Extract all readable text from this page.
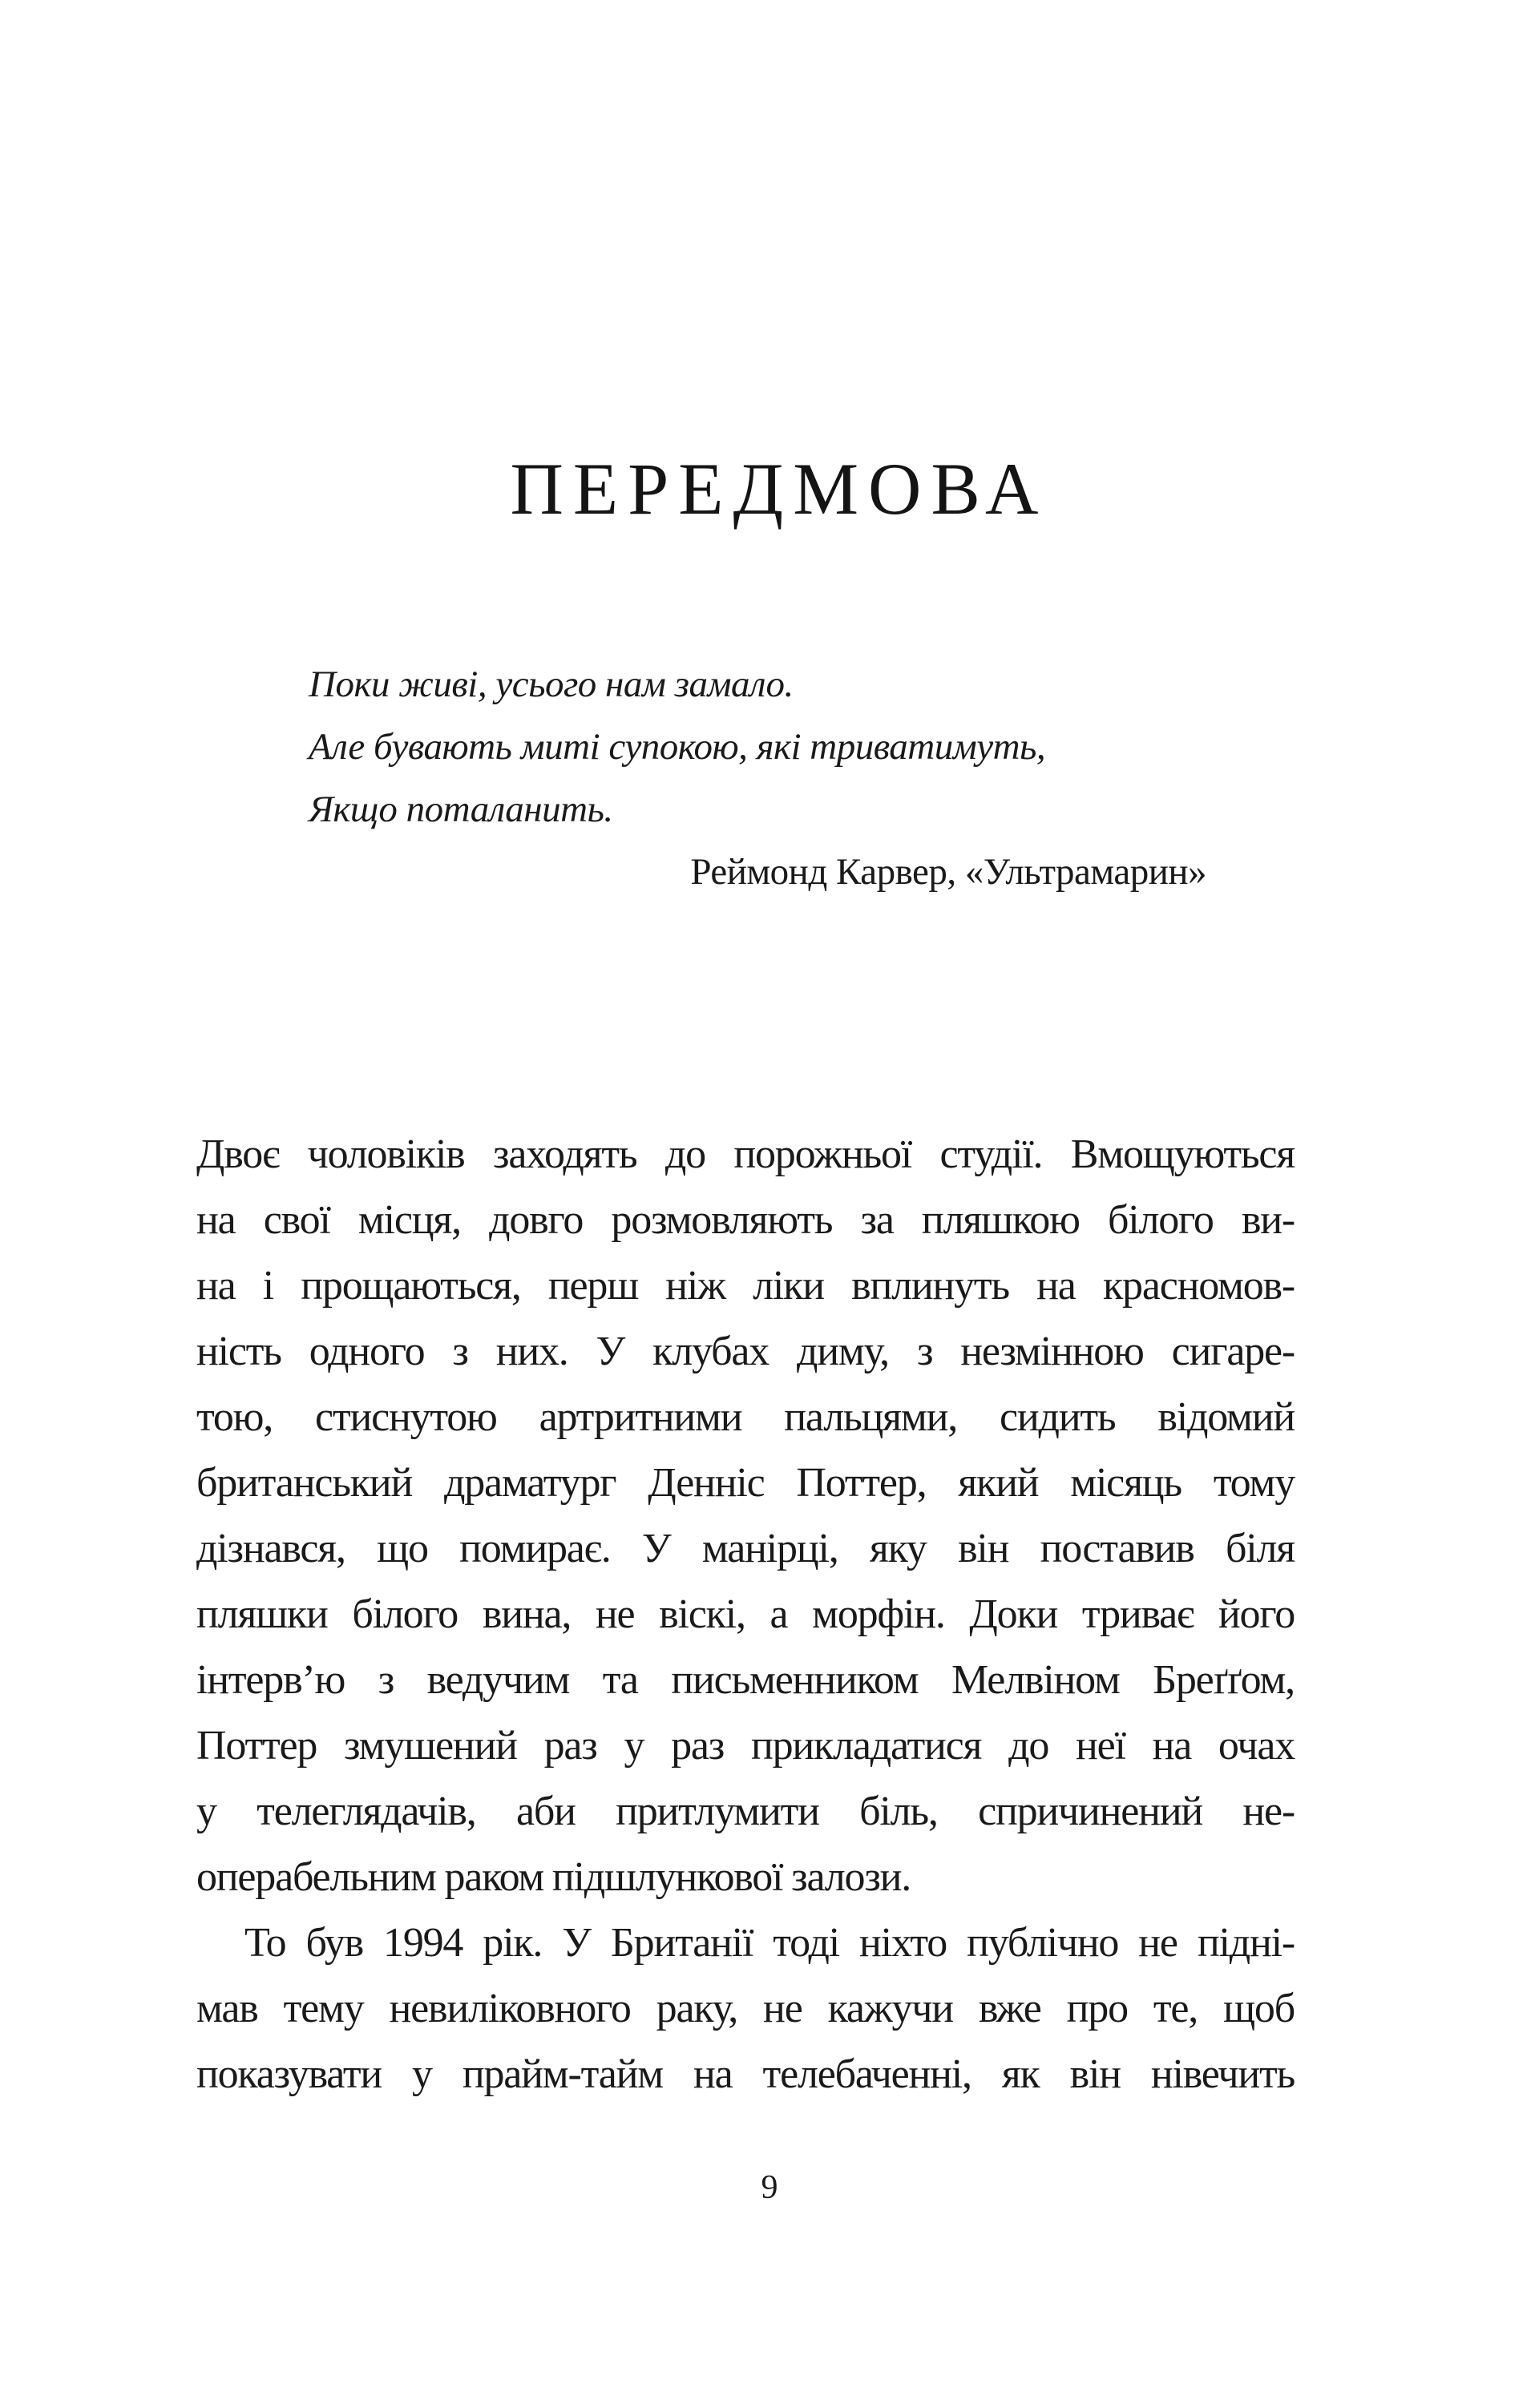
ПЕРЕДМОВА
Поки живі, усього нам замало.
Але бувають миті супокою, які триватимуть,
Якщо поталанить.
Реймонд Карвер, «Ультрамарин»
Двоє чоловіків заходять до порожньої студії. Вмощуються
на свої місця, довго розмовляють за пляшкою білого ви-
на і прощаються, перш ніж ліки вплинуть на красномов-
ність одного з них. У клубах диму, з незмінною сигаре-
тою, стиснутою артритними пальцями, сидить відомий
британський драматург Денніс Поттер, який місяць тому
дізнався, що помирає. У манірці, яку він поставив біля
пляшки білого вина, не віскі, а морфін. Доки триває його
інтерв’ю з ведучим та письменником Мелвіном Бреґґом,
Поттер змушений раз у раз прикладатися до неї на очах
у телеглядачів, аби притлумити біль, спричинений не-
операбельним раком підшлункової залози.
То був 1994 рік. У Британії тоді ніхто публічно не підні-
мав тему невиліковного раку, не кажучи вже про те, щоб
показувати у прайм-тайм на телебаченні, як він нівечить
9
